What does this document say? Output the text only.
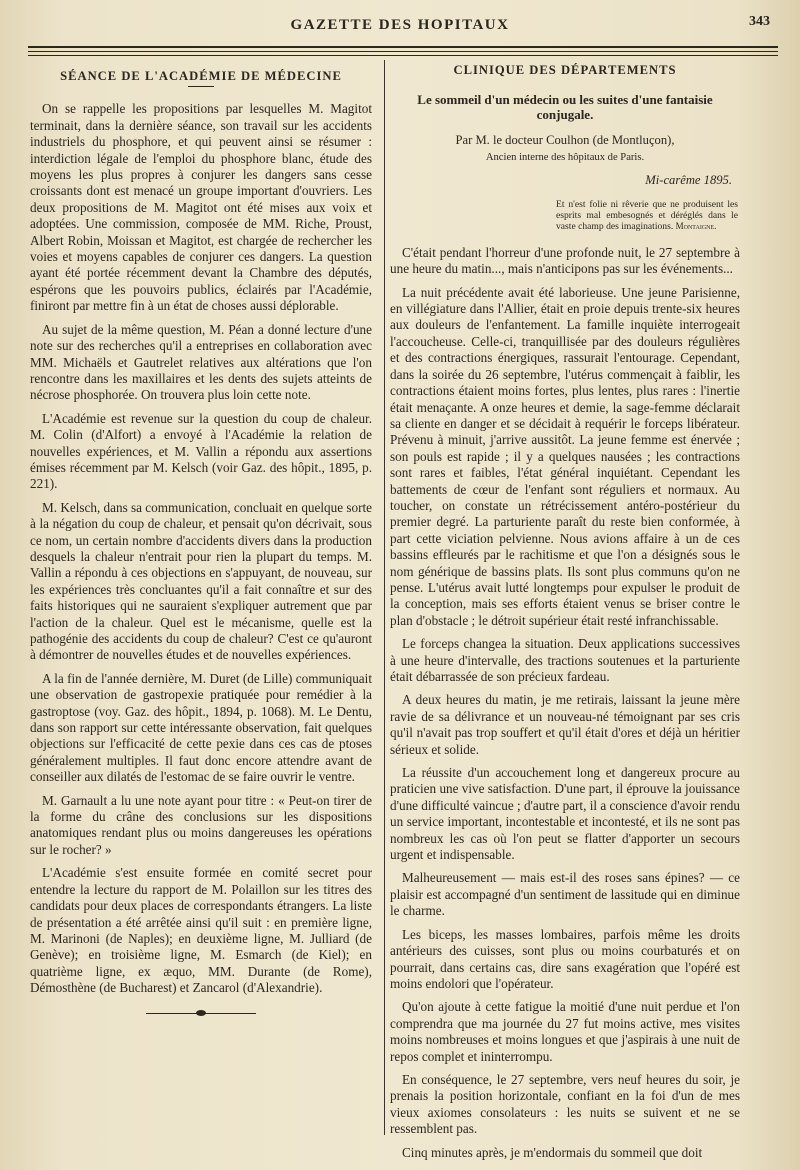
GAZETTE DES HOPITAUX	343
SÉANCE DE L'ACADÉMIE DE MÉDECINE

On se rappelle les propositions par lesquelles M. Magitot terminait, dans la dernière séance, son travail sur les accidents industriels du phosphore, et qui peuvent ainsi se résumer : interdiction légale de l'emploi du phosphore blanc, étude des moyens les plus propres à conjurer les dangers sans cesse croissants dont est menacé un groupe important d'ouvriers. Les deux propositions de M. Magitot ont été mises aux voix et adoptées. Une commission, composée de MM. Riche, Proust, Albert Robin, Moissan et Magitot, est chargée de rechercher les voies et moyens capables de conjurer ces dangers. La question ayant été portée récemment devant la Chambre des députés, espérons que les pouvoirs publics, éclairés par l'Académie, finiront par mettre fin à un état de choses aussi déplorable.

Au sujet de la même question, M. Péan a donné lecture d'une note sur des recherches qu'il a entreprises en collaboration avec MM. Michaëls et Gautrelet relatives aux altérations que l'on rencontre dans les maxillaires et les dents des sujets atteints de nécrose phosphorée. On trouvera plus loin cette note.

L'Académie est revenue sur la question du coup de chaleur. M. Colin (d'Alfort) a envoyé à l'Académie la relation de nouvelles expériences, et M. Vallin a répondu aux assertions émises récemment par M. Kelsch (voir Gaz. des hôpit., 1895, p. 221).

M. Kelsch, dans sa communication, concluait en quelque sorte à la négation du coup de chaleur, et pensait qu'on décrivait, sous ce nom, un certain nombre d'accidents divers dans la production desquels la chaleur n'entrait pour rien la plupart du temps. M. Vallin a répondu à ces objections en s'appuyant, de nouveau, sur les expériences très concluantes qu'il a fait connaître et sur des faits historiques qui ne sauraient s'expliquer autrement que par l'action de la chaleur. Quel est le mécanisme, quelle est la pathogénie des accidents du coup de chaleur? C'est ce qu'auront à démontrer de nouvelles études et de nouvelles expériences.

A la fin de l'année dernière, M. Duret (de Lille) communiquait une observation de gastropexie pratiquée pour remédier à la gastroptose (voy. Gaz. des hôpit., 1894, p. 1068). M. Le Dentu, dans son rapport sur cette intéressante observation, fait quelques objections sur l'efficacité de cette pexie dans ces cas de ptoses généralement multiples. Il faut donc encore attendre avant de conseiller aux dilatés de l'estomac de se faire ouvrir le ventre.

M. Garnault a lu une note ayant pour titre : « Peut-on tirer de la forme du crâne des conclusions sur les dispositions anatomiques rendant plus ou moins dangereuses les opérations sur le rocher? »

L'Académie s'est ensuite formée en comité secret pour entendre la lecture du rapport de M. Polaillon sur les titres des candidats pour deux places de correspondants étrangers. La liste de présentation a été arrêtée ainsi qu'il suit : en première ligne, M. Marinoni (de Naples); en deuxième ligne, M. Julliard (de Genève); en troisième ligne, M. Esmarch (de Kiel); en quatrième ligne, ex æquo, MM. Durante (de Rome), Démosthène (de Bucharest) et Zancarol (d'Alexandrie).

CLINIQUE DES DÉPARTEMENTS
Le sommeil d'un médecin ou les suites d'une fantaisie conjugale.
Par M. le docteur Coulhon (de Montluçon),
Ancien interne des hôpitaux de Paris.
Mi-carême 1895.
Et n'est folie ni rêverie que ne produisent les esprits mal embesognés et déréglés dans le vaste champ des imaginations. Montaigne.

C'était pendant l'horreur d'une profonde nuit, le 27 septembre à une heure du matin..., mais n'anticipons pas sur les événements...

La nuit précédente avait été laborieuse. Une jeune Parisienne, en villégiature dans l'Allier, était en proie depuis trente-six heures aux douleurs de l'enfantement. La famille inquiète interrogeait l'accoucheuse. Celle-ci, tranquillisée par des douleurs régulières et des contractions énergiques, rassurait l'entourage. Cependant, dans la soirée du 26 septembre, l'utérus commençait à faiblir, les contractions étaient moins fortes, plus lentes, plus rares : l'inertie était menaçante. A onze heures et demie, la sage-femme déclarait sa cliente en danger et se décidait à requérir le forceps libérateur. Prévenu à minuit, j'arrive aussitôt. La jeune femme est énervée ; son pouls est rapide ; il y a quelques nausées ; les contractions sont rares et faibles, l'état général inquiétant. Cependant les battements de cœur de l'enfant sont réguliers et normaux. Au toucher, on constate un rétrécissement antéro-postérieur du premier degré. La parturiente paraît du reste bien conformée, à part cette viciation pelvienne. Nous avions affaire à un de ces bassins effleurés par le rachitisme et que l'on a désignés sous le nom générique de bassins plats. Ils sont plus communs qu'on ne pense. L'utérus avait lutté longtemps pour expulser le produit de la conception, mais ses efforts étaient venus se briser contre le plan d'obstacle ; le détroit supérieur était resté infranchissable.

Le forceps changea la situation. Deux applications successives à une heure d'intervalle, des tractions soutenues et la parturiente était débarrassée de son précieux fardeau.

A deux heures du matin, je me retirais, laissant la jeune mère ravie de sa délivrance et un nouveau-né témoignant par ses cris qu'il n'avait pas trop souffert et qu'il était d'ores et déjà un héritier sérieux et solide.

La réussite d'un accouchement long et dangereux procure au praticien une vive satisfaction. D'une part, il éprouve la jouissance d'une difficulté vaincue ; d'autre part, il a conscience d'avoir rendu un service important, incontestable et incontesté, et ils ne sont pas nombreux les cas où l'on peut se flatter d'apporter un secours urgent et indispensable.

Malheureusement — mais est-il des roses sans épines? — ce plaisir est accompagné d'un sentiment de lassitude qui en diminue le charme.

Les biceps, les masses lombaires, parfois même les droits antérieurs des cuisses, sont plus ou moins courbaturés et on pourrait, dans certains cas, dire sans exagération que l'opéré est moins endolori que l'opérateur.

Qu'on ajoute à cette fatigue la moitié d'une nuit perdue et l'on comprendra que ma journée du 27 fut moins active, mes visites moins nombreuses et moins longues et que j'aspirais à une nuit de repos complet et ininterrompu.

En conséquence, le 27 septembre, vers neuf heures du soir, je prenais la position horizontale, confiant en la foi d'un de mes vieux axiomes consolateurs : les nuits se suivent et ne se ressemblent pas.

Cinq minutes après, je m'endormais du sommeil que doit
